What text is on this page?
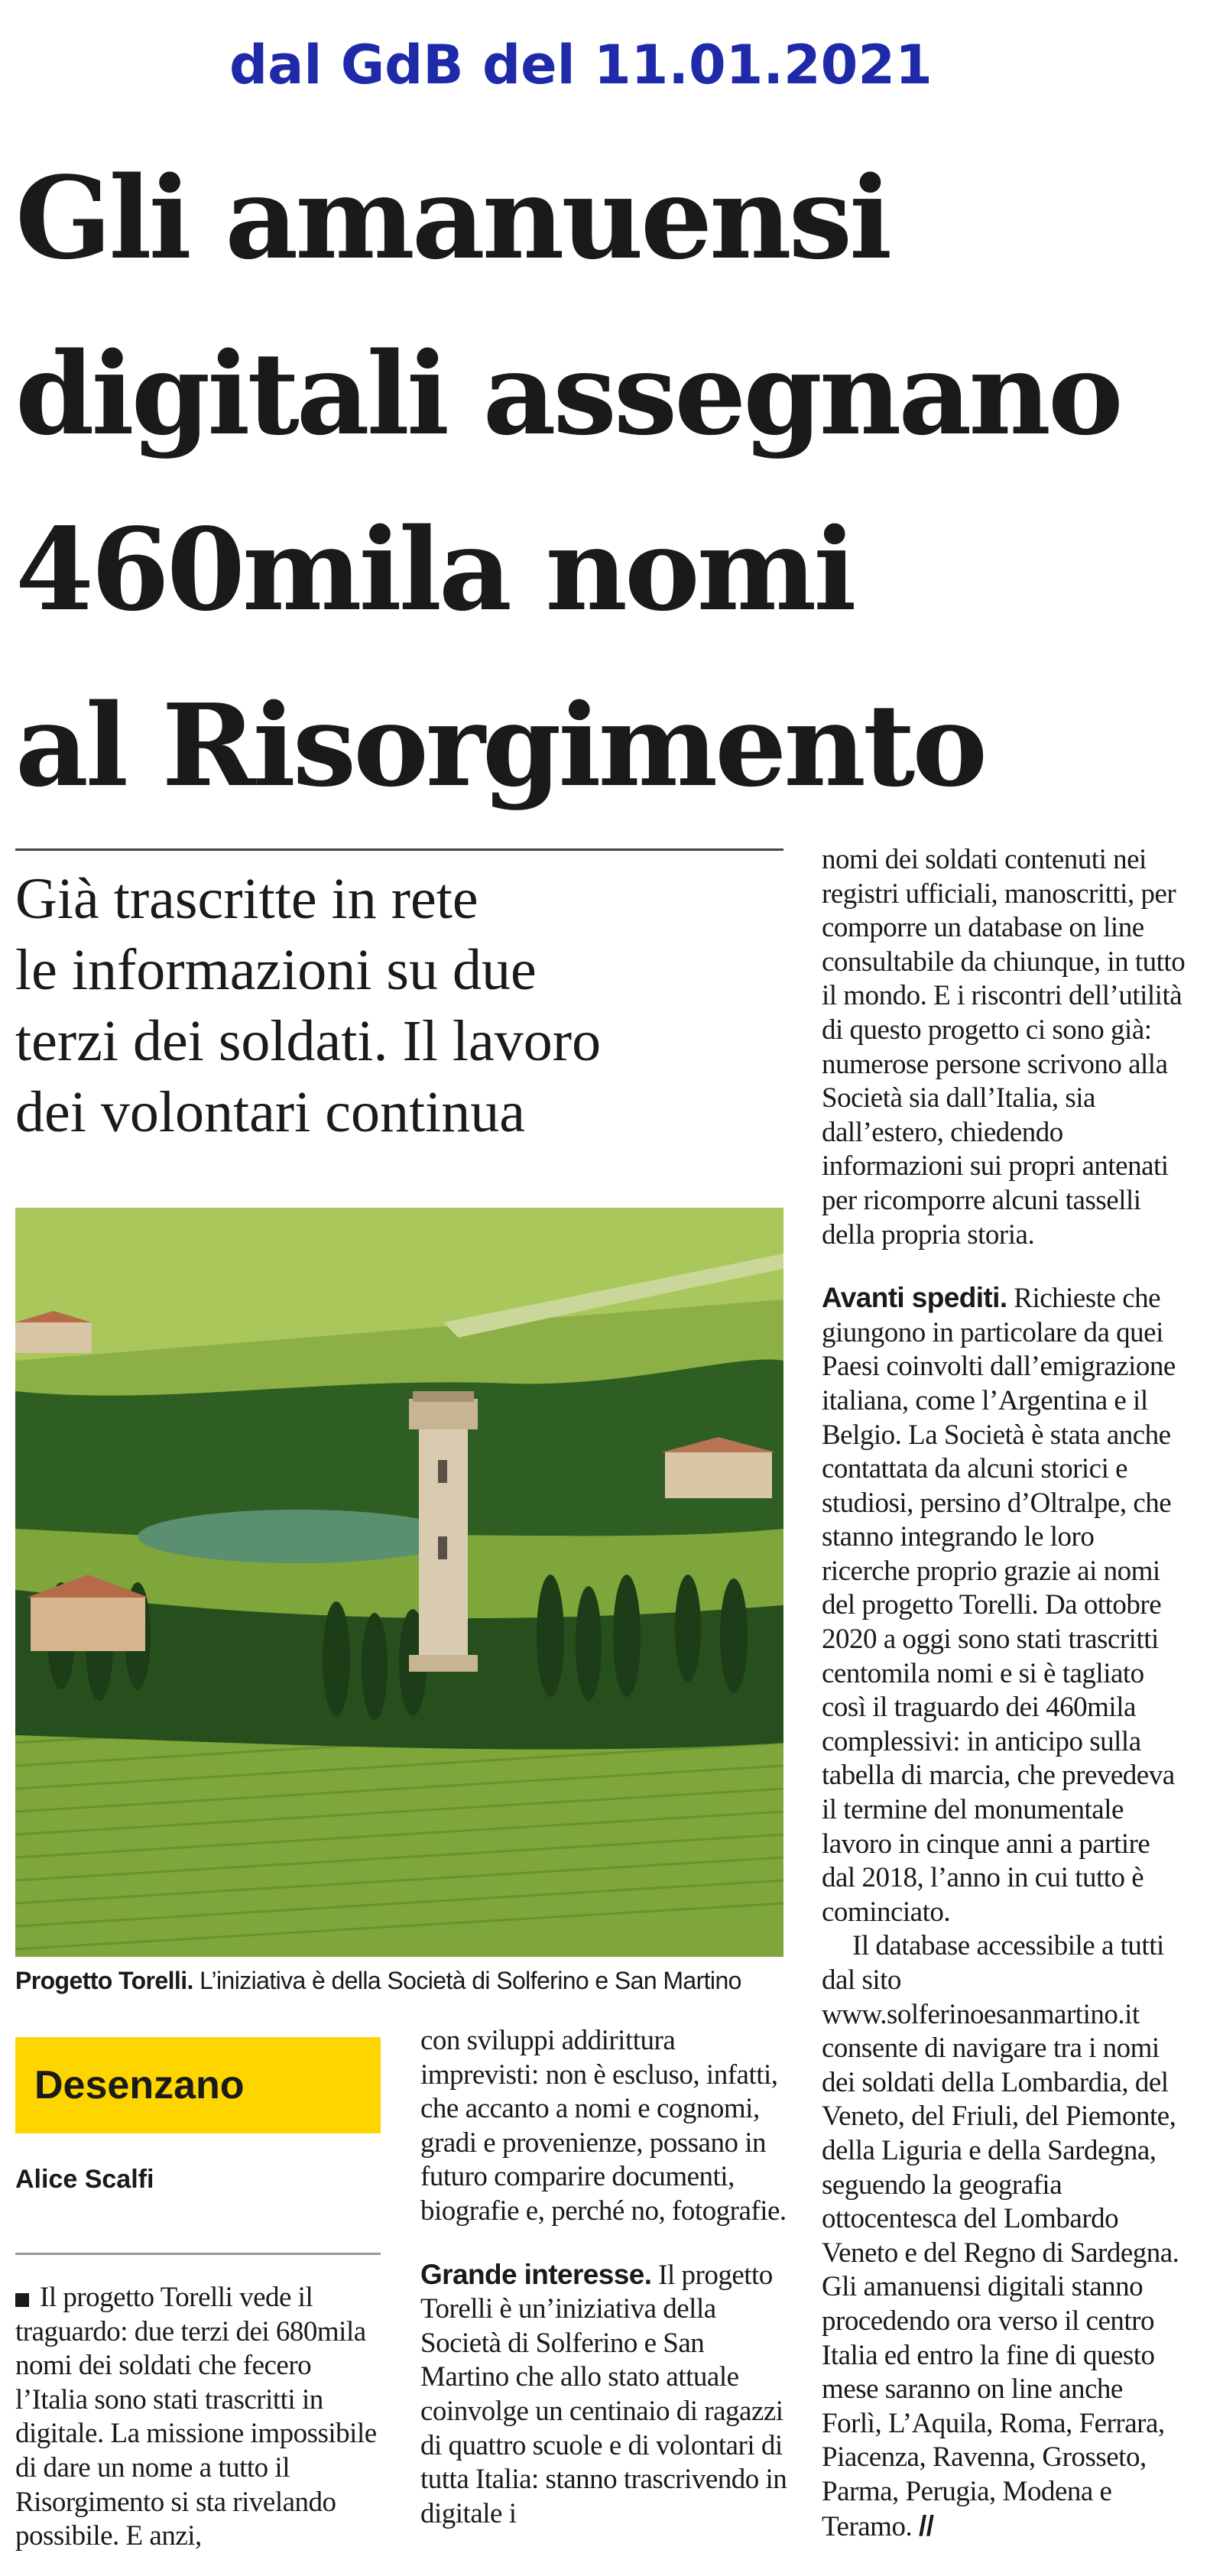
dal GdB del 11.01.2021
Gli amanuensi
digitali assegnano
460mila nomi
al Risorgimento
Già trascritte in rete
le informazioni su due
terzi dei soldati. Il lavoro
dei volontari continua

Progetto Torelli. L’iniziativa è della Società di Solferino e San Martino

Desenzano

Alice Scalfi

Il progetto Torelli vede il traguardo: due terzi dei 680mila nomi dei soldati che fecero l’Italia sono stati trascritti in digitale. La missione impossibile di dare un nome a tutto il Risorgimento si sta rivelando possibile. E anzi,

con sviluppi addirittura imprevisti: non è escluso, infatti, che accanto a nomi e cognomi, gradi e provenienze, possano in futuro comparire documenti, biografie e, perché no, fotografie.

Grande interesse. Il progetto Torelli è un’iniziativa della Società di Solferino e San Martino che allo stato attuale coinvolge un centinaio di ragazzi di quattro scuole e di volontari di tutta Italia: stanno trascrivendo in digitale i

nomi dei soldati contenuti nei registri ufficiali, manoscritti, per comporre un database on line consultabile da chiunque, in tutto il mondo. E i riscontri dell’utilità di questo progetto ci sono già: numerose persone scrivono alla Società sia dall’Italia, sia dall’estero, chiedendo informazioni sui propri antenati per ricomporre alcuni tasselli della propria storia.

Avanti spediti. Richieste che giungono in particolare da quei Paesi coinvolti dall’emigrazione italiana, come l’Argentina e il Belgio. La Società è stata anche contattata da alcuni storici e studiosi, persino d’Oltralpe, che stanno integrando le loro ricerche proprio grazie ai nomi del progetto Torelli. Da ottobre 2020 a oggi sono stati trascritti centomila nomi e si è tagliato così il traguardo dei 460mila complessivi: in anticipo sulla tabella di marcia, che prevedeva il termine del monumentale lavoro in cinque anni a partire dal 2018, l’anno in cui tutto è cominciato.

Il database accessibile a tutti dal sito www.solferinoesanmartino.it consente di navigare tra i nomi dei soldati della Lombardia, del Veneto, del Friuli, del Piemonte, della Liguria e della Sardegna, seguendo la geografia ottocentesca del Lombardo Veneto e del Regno di Sardegna. Gli amanuensi digitali stanno procedendo ora verso il centro Italia ed entro la fine di questo mese saranno on line anche Forlì, L’Aquila, Roma, Ferrara, Piacenza, Ravenna, Grosseto, Parma, Perugia, Modena e Teramo. //
